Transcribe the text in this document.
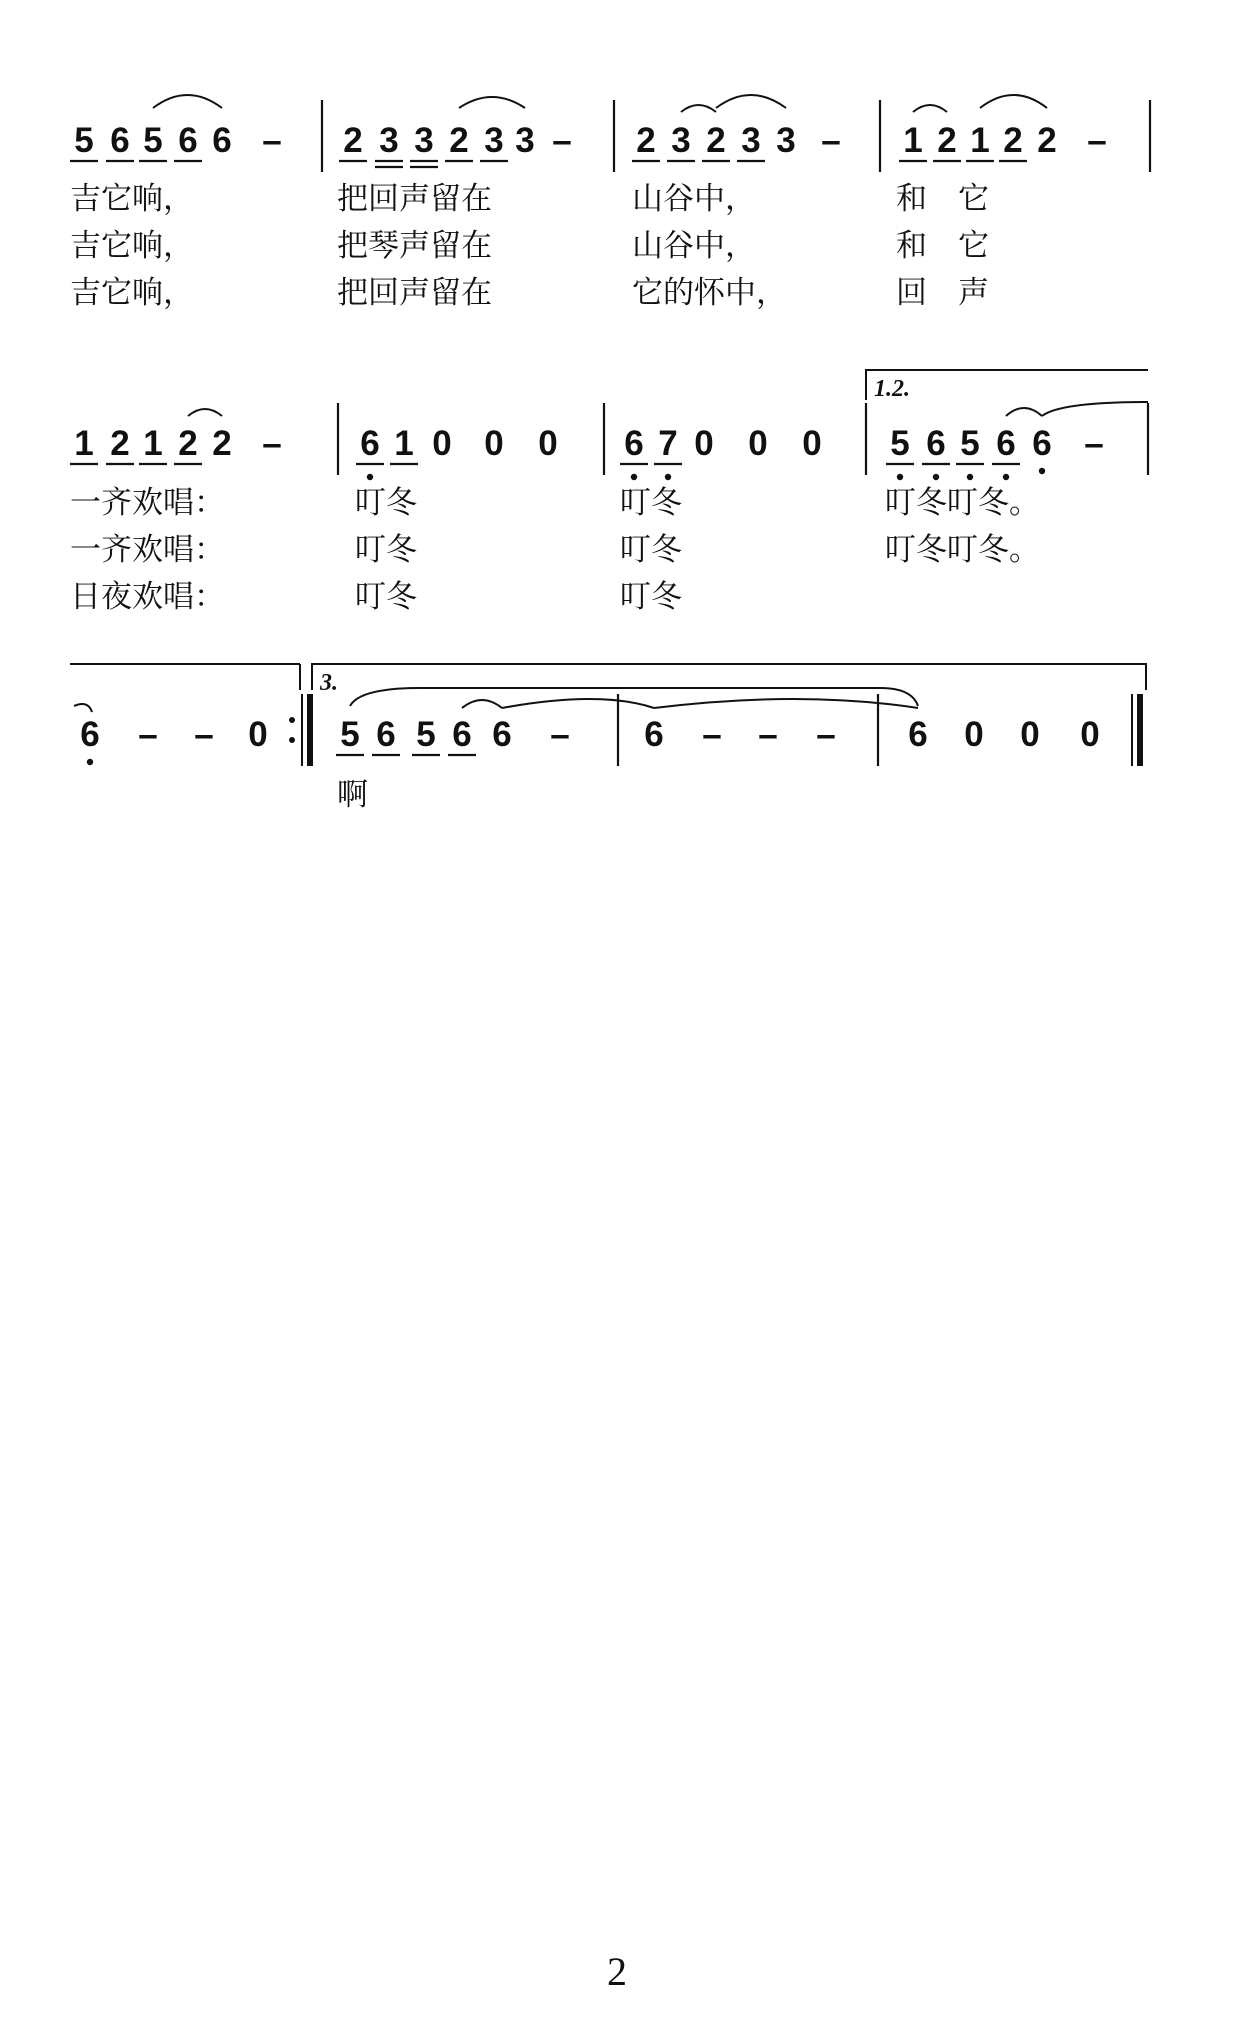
5 6 5 6 6 – 2 3 3 2 3 3 – 2 3 2 3 3 – 1 2 1 2 2 –
1 2 1 2 2 – 6 1 0 0 0 6 7 0 0 0 5 6 5 6 6 –
6 – – 0 5 6 5 6 6 – 6 – – – 6 0 0 0
1.2.
3.
吉它响，	把回声留在	山谷中，	和　它
吉它响，	把琴声留在	山谷中，	和　它
吉它响，	把回声留在	它的怀中，	回　声
一齐欢唱：	叮冬	叮冬	叮冬叮冬。
一齐欢唱：	叮冬	叮冬	叮冬叮冬。
日夜欢唱：	叮冬	叮冬
啊
2
